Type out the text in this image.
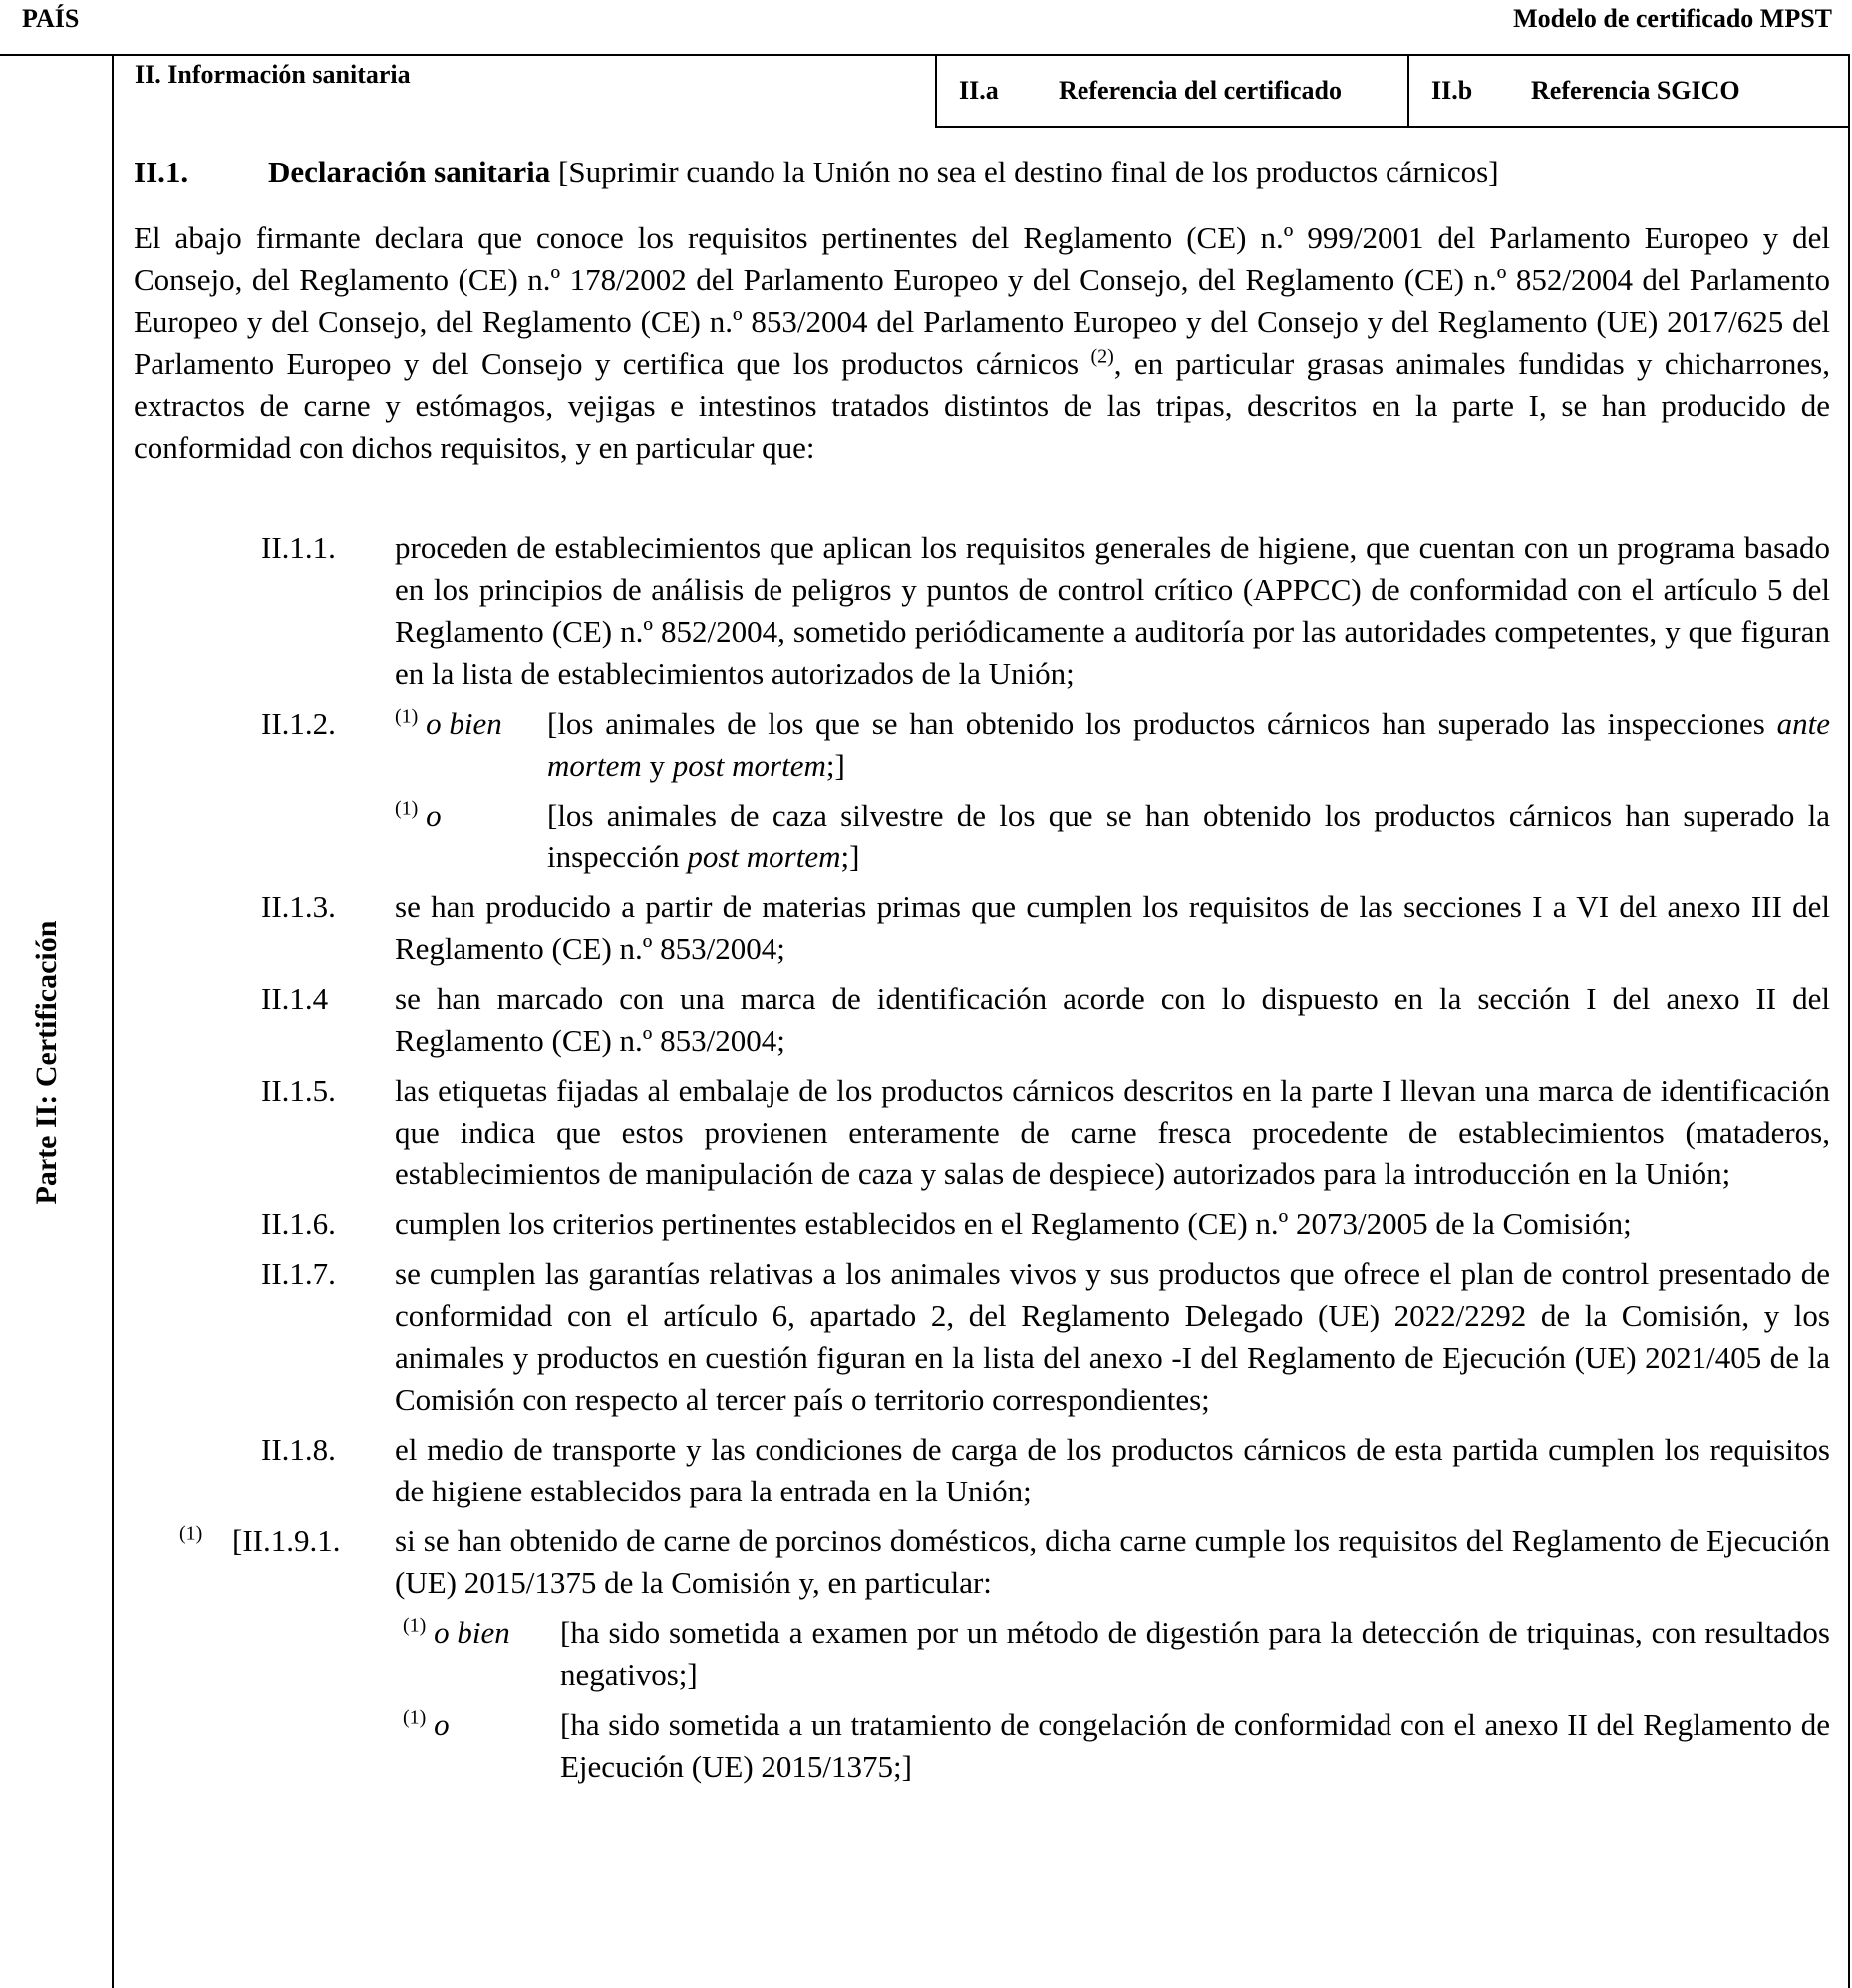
PAÍS	Modelo de certificado MPST
Parte II: Certificación
II. Información sanitaria
II.a	Referencia del certificado	II.b	Referencia SGICO
II.1.	Declaración sanitaria [Suprimir cuando la Unión no sea el destino final de los productos cárnicos]

El abajo firmante declara que conoce los requisitos pertinentes del Reglamento (CE) n.º 999/2001 del Parlamento Europeo y del Consejo, del Reglamento (CE) n.º 178/2002 del Parlamento Europeo y del Consejo, del Reglamento (CE) n.º 852/2004 del Parlamento Europeo y del Consejo, del Reglamento (CE) n.º 853/2004 del Parlamento Europeo y del Consejo y del Reglamento (UE) 2017/625 del Parlamento Europeo y del Consejo y certifica que los productos cárnicos $^{(2)}$, en particular grasas animales fundidas y chicharrones, extractos de carne y estómagos, vejigas e intestinos tratados distintos de las tripas, descritos en la parte I, se han producido de conformidad con dichos requisitos, y en particular que:

II.1.1.	proceden de establecimientos que aplican los requisitos generales de higiene, que cuentan con un programa basado en los principios de análisis de peligros y puntos de control crítico (APPCC) de conformidad con el artículo 5 del Reglamento (CE) n.º 852/2004, sometido periódicamente a auditoría por las autoridades competentes, y que figuran en la lista de establecimientos autorizados de la Unión;
II.1.2.	$^{(1)}$ o bien	[los animales de los que se han obtenido los productos cárnicos han superado las inspecciones ante mortem y post mortem;]
$^{(1)}$ o	[los animales de caza silvestre de los que se han obtenido los productos cárnicos han superado la inspección post mortem;]
II.1.3.	se han producido a partir de materias primas que cumplen los requisitos de las secciones I a VI del anexo III del Reglamento (CE) n.º 853/2004;
II.1.4	se han marcado con una marca de identificación acorde con lo dispuesto en la sección I del anexo II del Reglamento (CE) n.º 853/2004;
II.1.5.	las etiquetas fijadas al embalaje de los productos cárnicos descritos en la parte I llevan una marca de identificación que indica que estos provienen enteramente de carne fresca procedente de establecimientos (mataderos, establecimientos de manipulación de caza y salas de despiece) autorizados para la introducción en la Unión;
II.1.6.	cumplen los criterios pertinentes establecidos en el Reglamento (CE) n.º 2073/2005 de la Comisión;
II.1.7.	se cumplen las garantías relativas a los animales vivos y sus productos que ofrece el plan de control presentado de conformidad con el artículo 6, apartado 2, del Reglamento Delegado (UE) 2022/2292 de la Comisión, y los animales y productos en cuestión figuran en la lista del anexo -I del Reglamento de Ejecución (UE) 2021/405 de la Comisión con respecto al tercer país o territorio correspondientes;
II.1.8.	el medio de transporte y las condiciones de carga de los productos cárnicos de esta partida cumplen los requisitos de higiene establecidos para la entrada en la Unión;
$^{(1)}$ [II.1.9.1. si se han obtenido de carne de porcinos domésticos, dicha carne cumple los requisitos del Reglamento de Ejecución (UE) 2015/1375 de la Comisión y, en particular:
$^{(1)}$ o bien	[ha sido sometida a examen por un método de digestión para la detección de triquinas, con resultados negativos;]
$^{(1)}$ o	[ha sido sometida a un tratamiento de congelación de conformidad con el anexo II del Reglamento de Ejecución (UE) 2015/1375;]
